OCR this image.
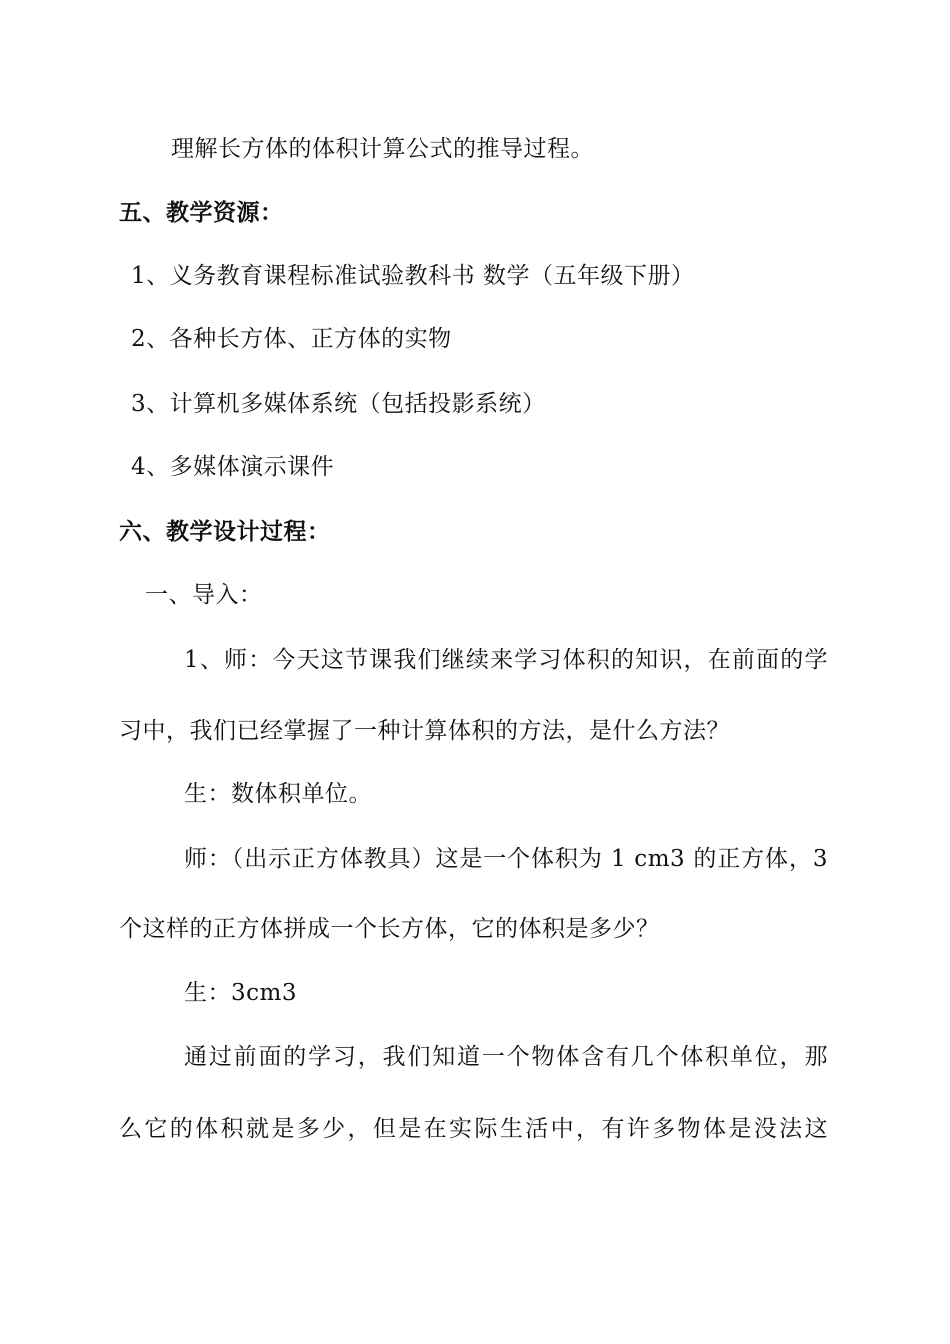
理解长方体的体积计算公式的推导过程。
五、教学资源：
1、义务教育课程标准试验教科书 数学（五年级下册）
2、各种长方体、正方体的实物
3、计算机多媒体系统（包括投影系统）
4、多媒体演示课件
六、教学设计过程：
一、导入：
1、师：今天这节课我们继续来学习体积的知识，在前面的学
习中，我们已经掌握了一种计算体积的方法，是什么方法？
生：数体积单位。
师：（出示正方体教具）这是一个体积为 1 cm3 的正方体，3
个这样的正方体拼成一个长方体，它的体积是多少？
生：3cm3
通过前面的学习，我们知道一个物体含有几个体积单位，那
么它的体积就是多少，但是在实际生活中，有许多物体是没法这
